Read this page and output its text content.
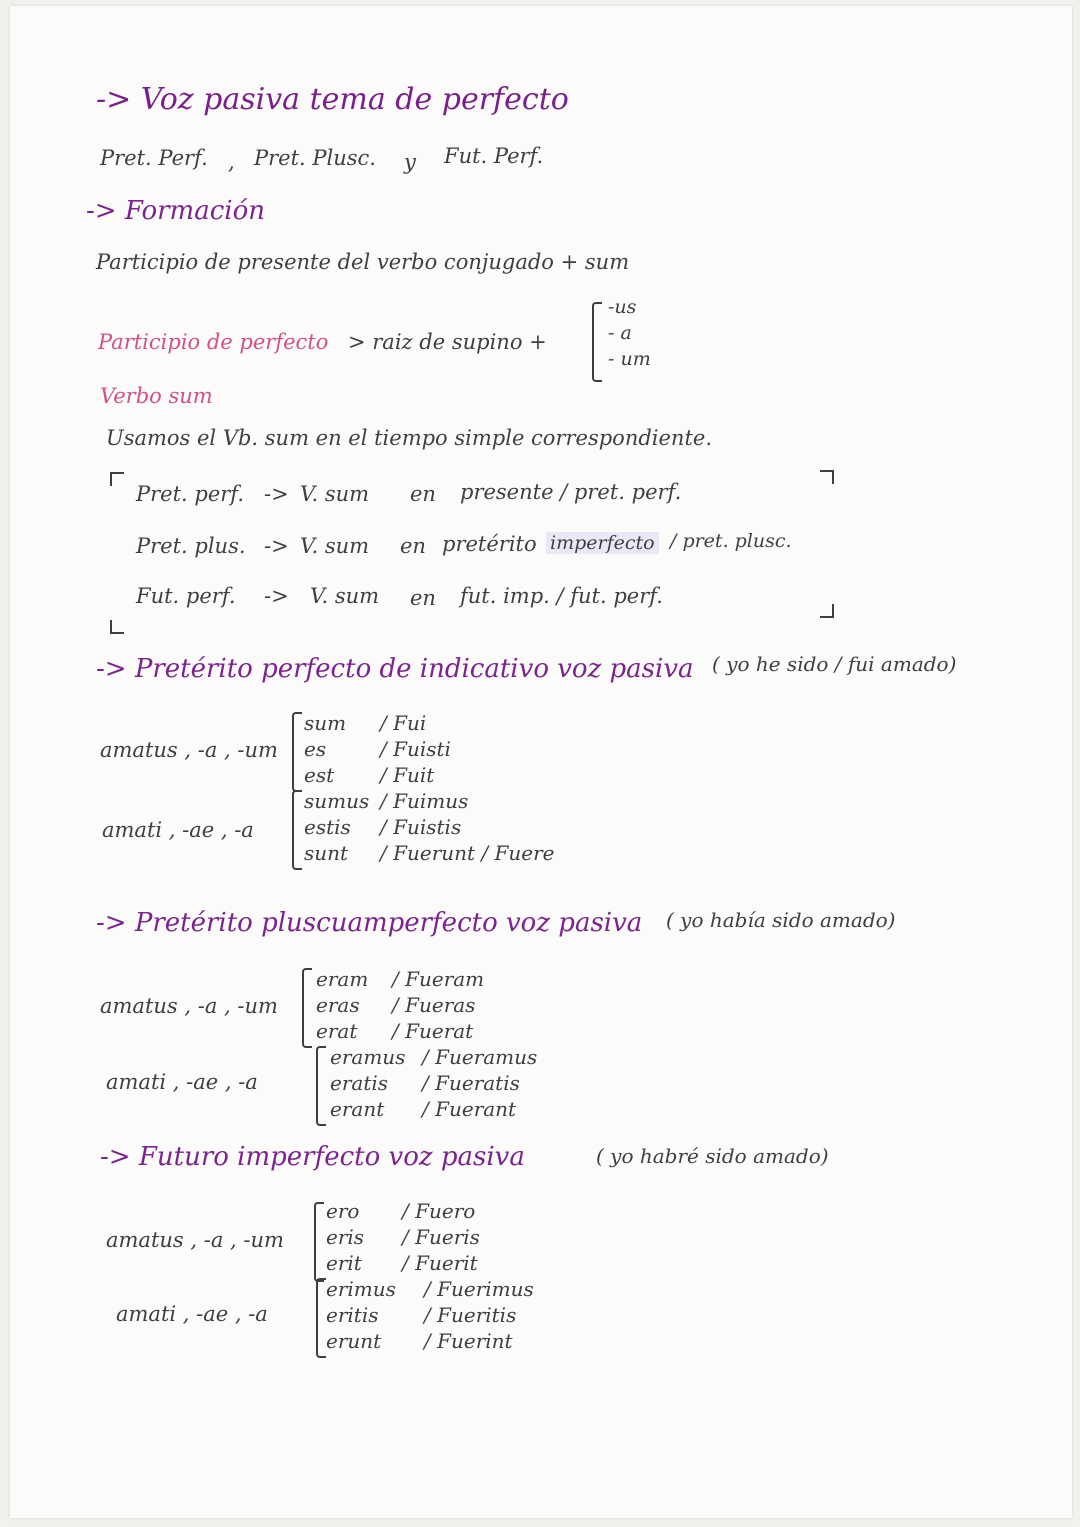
-> Voz pasiva tema de perfecto
Pret. Perf. , Pret. Plusc. y Fut. Perf.
-> Formación
Participio de presente del verbo conjugado + sum
Participio de perfecto > raiz de supino +
-us
- a
- um
Verbo sum
Usamos el Vb. sum en el tiempo simple correspondiente.
Pret. perf. -> V. sum en presente / pret. perf.
Pret. plus. -> V. sum en pretérito imperfecto / pret. plusc.
Fut. perf. -> V. sum en fut. imp. / fut. perf.
-> Pretérito perfecto de indicativo voz pasiva ( yo he sido / fui amado)
amatus , -a , -um
amati , -ae , -a
sum / Fui
es	/ Fuisti
est / Fuit
sumus / Fuimus
estis / Fuistis
sunt / Fuerunt / Fuere
-> Pretérito pluscuamperfecto voz pasiva ( yo había sido amado)
amatus , -a , -um
amati , -ae , -a
eram / Fueram
eras / Fueras
erat / Fuerat
eramus / Fueramus
eratis / Fueratis
erant / Fuerant
-> Futuro imperfecto voz pasiva	( yo habré sido amado)
amatus , -a , -um
amati , -ae , -a
ero / Fuero
eris / Fueris
erit / Fuerit
erimus / Fuerimus
eritis / Fueritis
erunt / Fuerint
